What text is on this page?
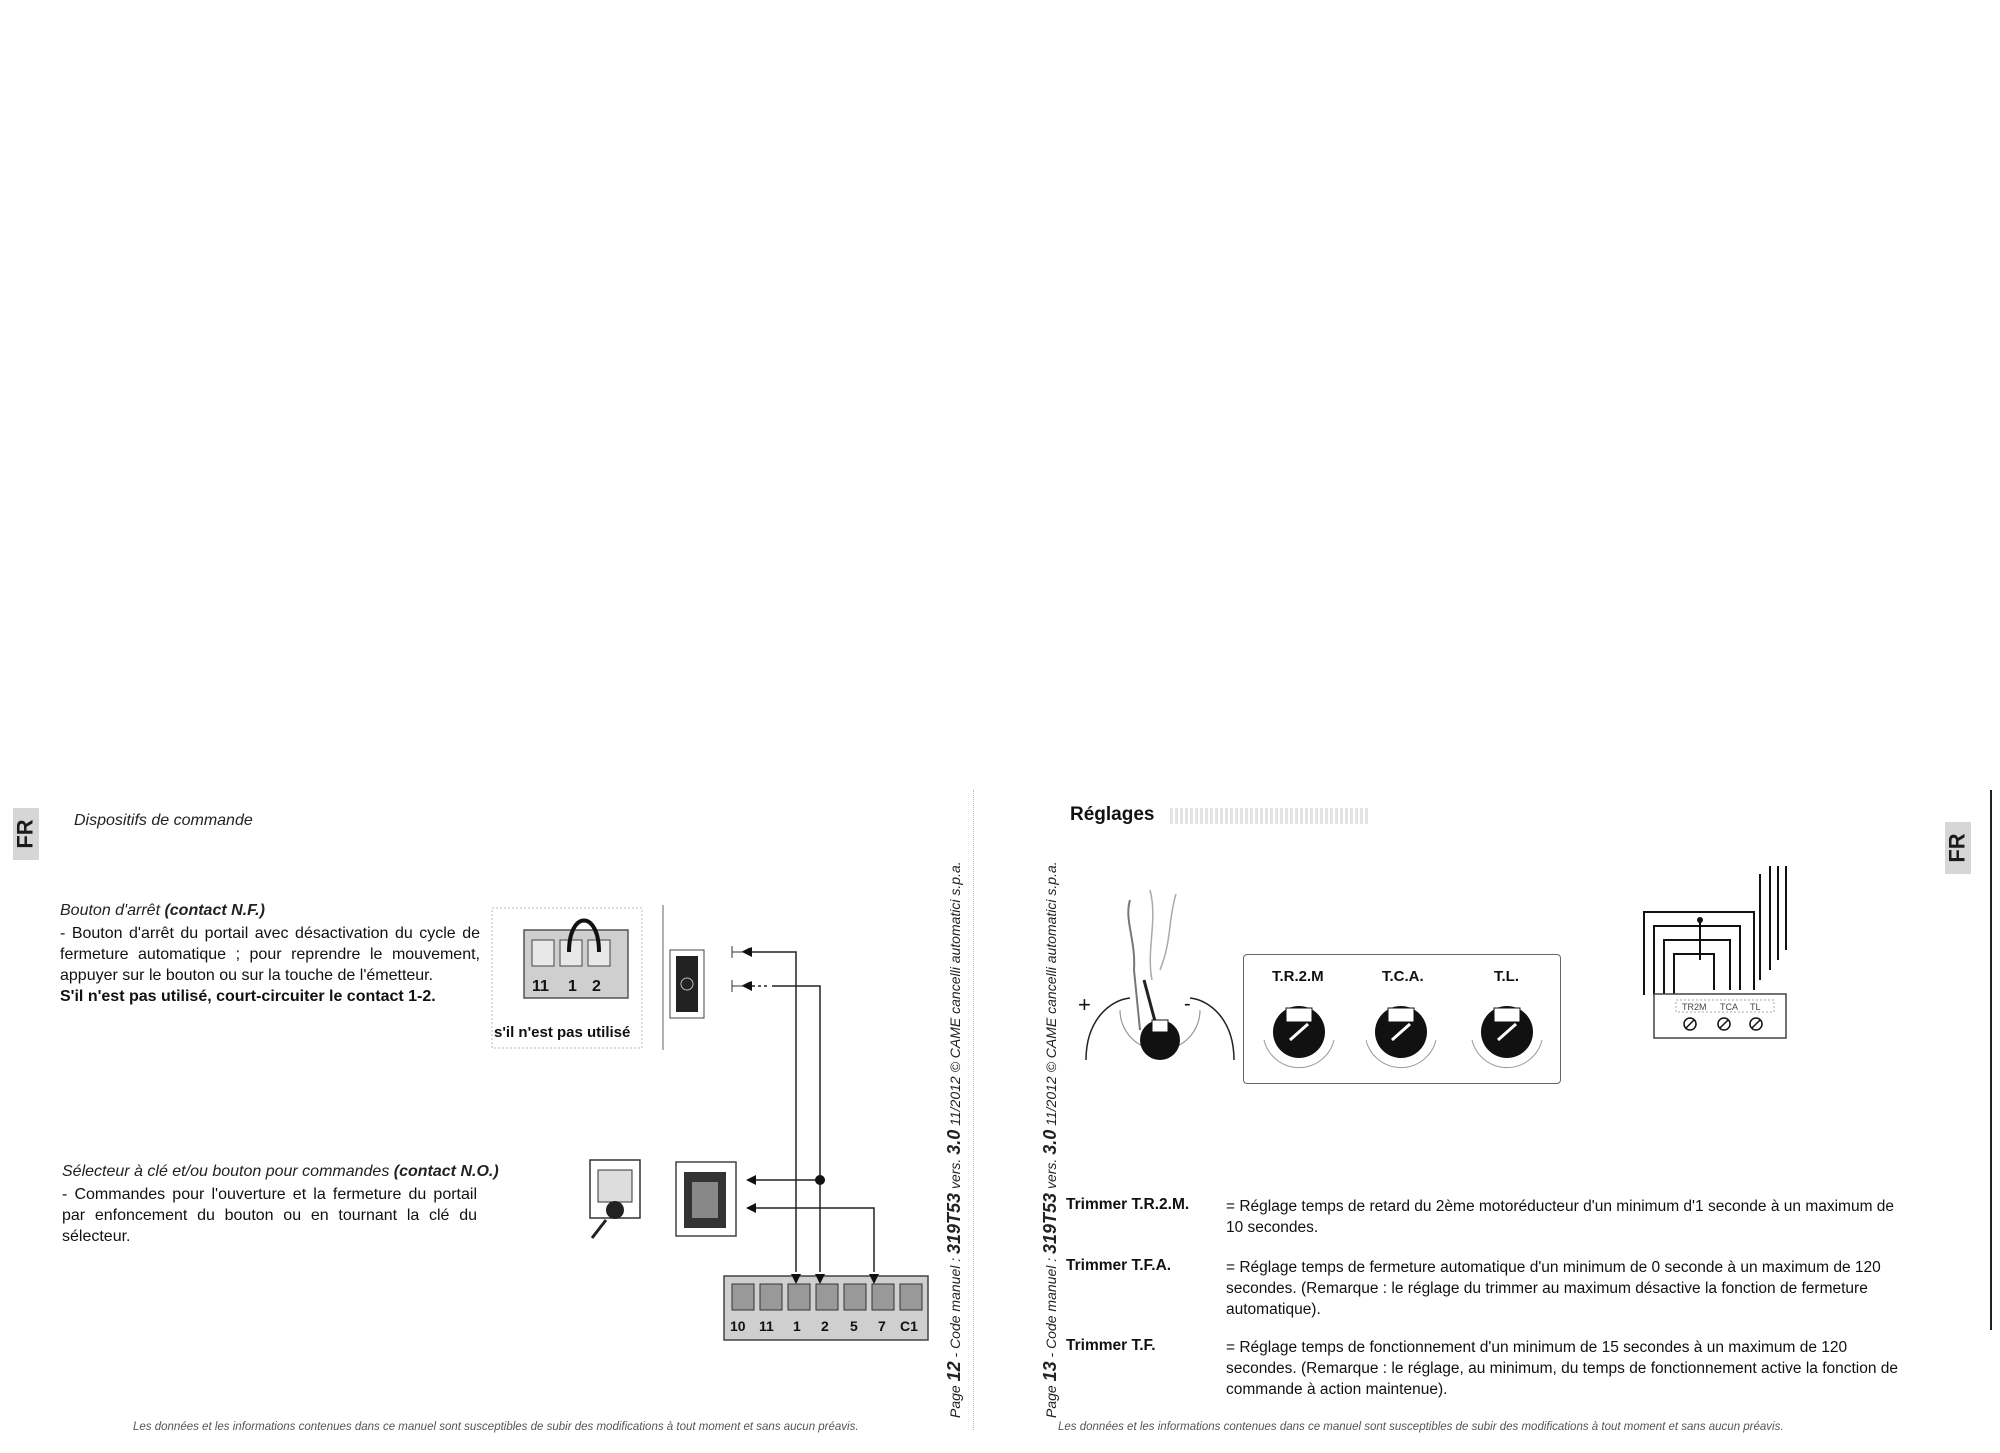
FR Dispositifs de commande
Bouton d'arrêt (contact N.F.)
- Bouton d'arrêt du portail avec désactivation du cycle de fermeture automatique ; pour reprendre le mouvement, appuyer sur le bouton ou sur la touche de l'émetteur.
S'il n'est pas utilisé, court-circuiter le contact 1-2.
Sélecteur à clé et/ou bouton pour commandes (contact N.O.)
- Commandes pour l'ouverture et la fermeture du portail par enfoncement du bouton ou en tournant la clé du sélecteur.
11 1 2
s'il n'est pas utilisé
10 11 1 2 5 7 C1
Les données et les informations contenues dans ce manuel sont susceptibles de subir des modifications à tout moment et sans aucun préavis.
Page 12 - Code manuel : 319T53 vers. 3.0 11/2012 © CAME cancelli automatici s.p.a.
FR
Page 13 - Code manuel : 319T53 vers. 3.0 11/2012 © CAME cancelli automatici s.p.a.
Réglages
+	-
T.R.2.M	T.C.A.	T.L.
TR2M TCA TL
Trimmer T.R.2.M. = Réglage temps de retard du 2ème motoréducteur d'un minimum d'1 seconde à un maximum de 10 secondes.
Trimmer T.F.A.	= Réglage temps de fermeture automatique d'un minimum de 0 seconde à un maximum de 120 secondes. (Remarque : le réglage du trimmer au maximum désactive la fonction de fermeture automatique).
Trimmer T.F.	= Réglage temps de fonctionnement d'un minimum de 15 secondes à un maximum de 120 secondes. (Remarque : le réglage, au minimum, du temps de fonctionnement active la fonction de commande à action maintenue).
Les données et les informations contenues dans ce manuel sont susceptibles de subir des modifications à tout moment et sans aucun préavis.
